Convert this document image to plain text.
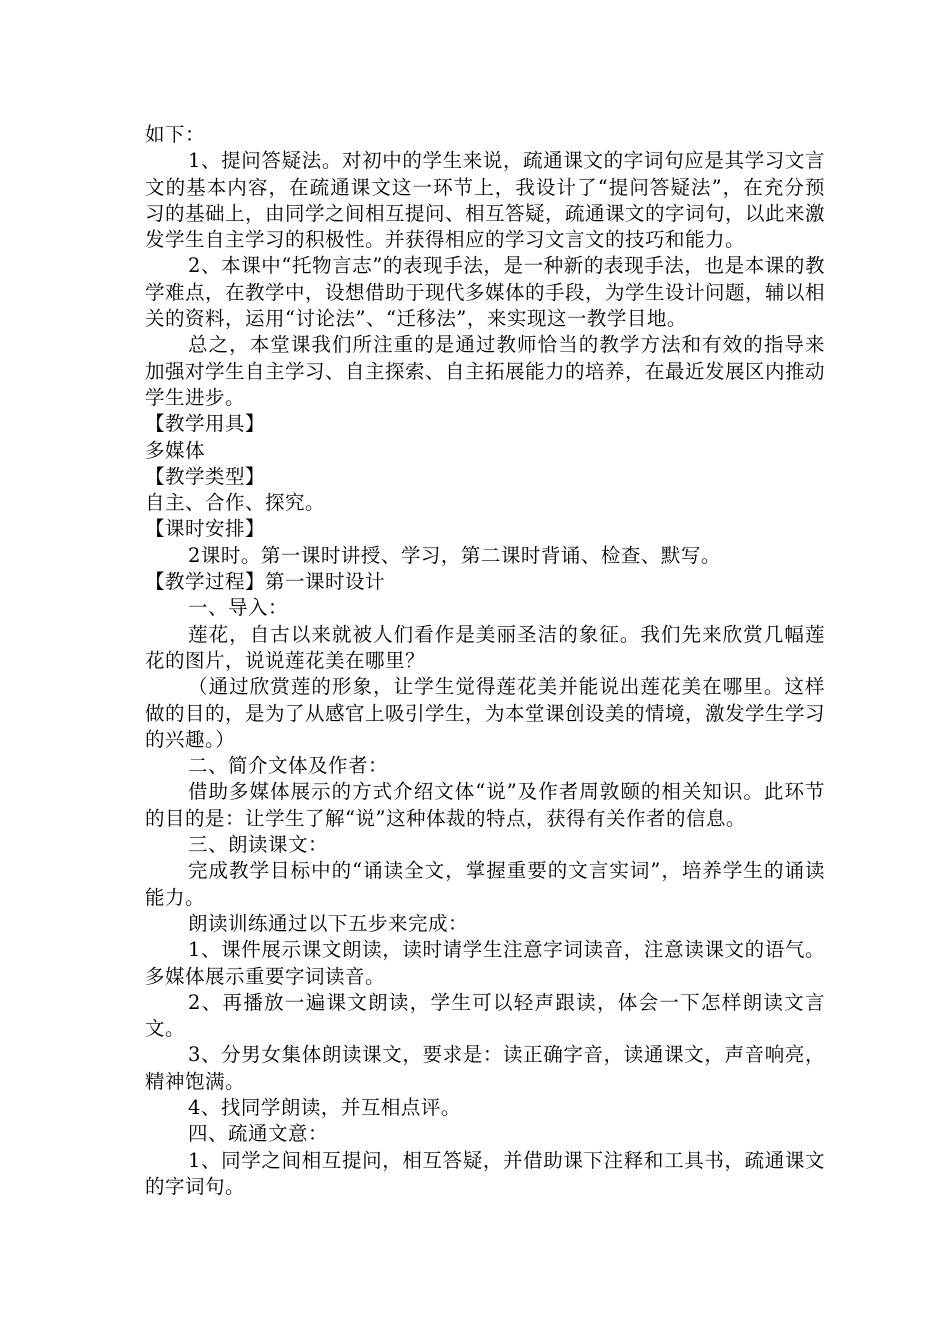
如下：

1、提问答疑法。对初中的学生来说，疏通课文的字词句应是其学习文言文的基本内容，在疏通课文这一环节上，我设计了“提问答疑法”，在充分预习的基础上，由同学之间相互提问、相互答疑，疏通课文的字词句，以此来激发学生自主学习的积极性。并获得相应的学习文言文的技巧和能力。

2、本课中“托物言志”的表现手法，是一种新的表现手法，也是本课的教学难点，在教学中，设想借助于现代多媒体的手段，为学生设计问题，辅以相关的资料，运用“讨论法”、“迁移法”，来实现这一教学目地。

总之，本堂课我们所注重的是通过教师恰当的教学方法和有效的指导来加强对学生自主学习、自主探索、自主拓展能力的培养，在最近发展区内推动学生进步。

【教学用具】

多媒体

【教学类型】

自主、合作、探究。

【课时安排】

2课时。第一课时讲授、学习，第二课时背诵、检查、默写。

【教学过程】第一课时设计

一、导入：

莲花，自古以来就被人们看作是美丽圣洁的象征。我们先来欣赏几幅莲花的图片，说说莲花美在哪里？

（通过欣赏莲的形象，让学生觉得莲花美并能说出莲花美在哪里。这样做的目的，是为了从感官上吸引学生，为本堂课创设美的情境，激发学生学习的兴趣。）

二、简介文体及作者：

借助多媒体展示的方式介绍文体“说”及作者周敦颐的相关知识。此环节的目的是：让学生了解“说”这种体裁的特点，获得有关作者的信息。

三、朗读课文：

完成教学目标中的“诵读全文，掌握重要的文言实词”，培养学生的诵读能力。

朗读训练通过以下五步来完成：

1、课件展示课文朗读，读时请学生注意字词读音，注意读课文的语气。多媒体展示重要字词读音。

2、再播放一遍课文朗读，学生可以轻声跟读，体会一下怎样朗读文言文。

3、分男女集体朗读课文，要求是：读正确字音，读通课文，声音响亮，精神饱满。

4、找同学朗读，并互相点评。

四、疏通文意：

1、同学之间相互提问，相互答疑，并借助课下注释和工具书，疏通课文的字词句。
